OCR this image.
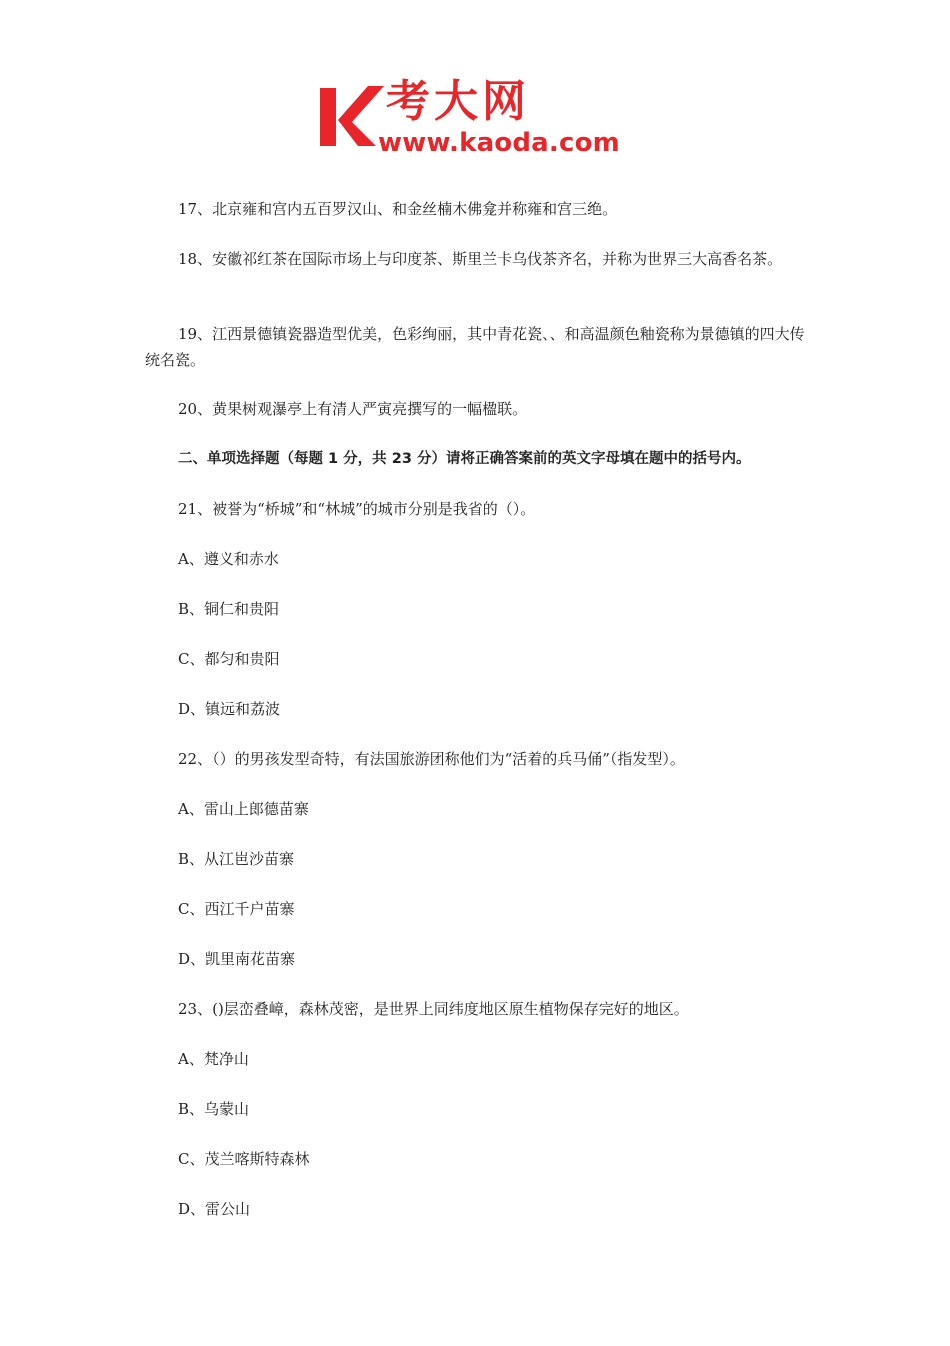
考大网
www.kaoda.com
17、北京雍和宫内五百罗汉山、和金丝楠木佛龛并称雍和宫三绝。
18、安徽祁红茶在国际市场上与印度茶、斯里兰卡乌伐茶齐名，并称为世界三大高香名茶。
19、江西景德镇瓷器造型优美，色彩绚丽，其中青花瓷、、和高温颜色釉瓷称为景德镇的四大传统名瓷。
20、黄果树观瀑亭上有清人严寅亮撰写的一幅楹联。
二、单项选择题（每题 1 分，共 23 分）请将正确答案前的英文字母填在题中的括号内。
21、被誉为“桥城”和“林城”的城市分别是我省的（）。
A、遵义和赤水
B、铜仁和贵阳
C、都匀和贵阳
D、镇远和荔波
22、（）的男孩发型奇特，有法国旅游团称他们为“活着的兵马俑”（指发型）。
A、雷山上郎德苗寨
B、从江岜沙苗寨
C、西江千户苗寨
D、凯里南花苗寨
23、()层峦叠嶂，森林茂密，是世界上同纬度地区原生植物保存完好的地区。
A、梵净山
B、乌蒙山
C、茂兰喀斯特森林
D、雷公山
